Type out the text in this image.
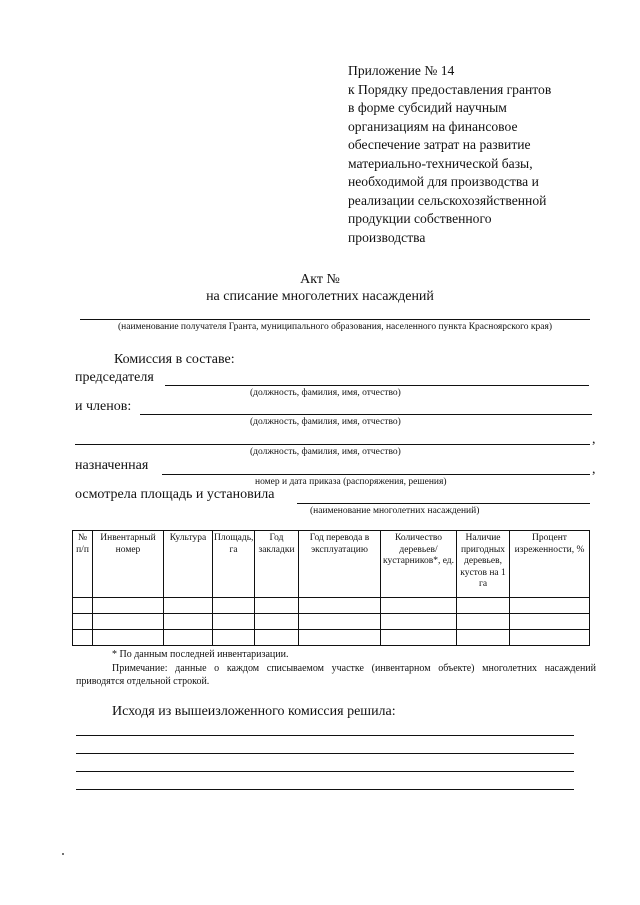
Приложение № 14
к Порядку предоставления грантов
в форме субсидий научным
организациям на финансовое
обеспечение затрат на развитие
материально-технической базы,
необходимой для производства и
реализации сельскохозяйственной
продукции собственного
производства
Акт №
на списание многолетних насаждений
(наименование получателя Гранта, муниципального образования, населенного пункта Красноярского края)
Комиссия в составе:
председателя
(должность, фамилия, имя, отчество)
и членов:
(должность, фамилия, имя, отчество)
,
(должность, фамилия, имя, отчество)
назначенная	,
номер и дата приказа (распоряжения, решения)
осмотрела площадь и установила
(наименование многолетних насаждений)
№ п/п	Инвентарный номер	Культура	Площадь, га	Год закладки	Год перевода в эксплуатацию	Количество деревьев/ кустарников*, ед.	Наличие пригодных деревьев, кустов на 1 га	Процент изреженности, %

* По данным последней инвентаризации.
Примечание: данные о каждом списываемом участке (инвентарном объекте) многолетних насаждений приводятся отдельной строкой.
Исходя из вышеизложенного комиссия решила:
